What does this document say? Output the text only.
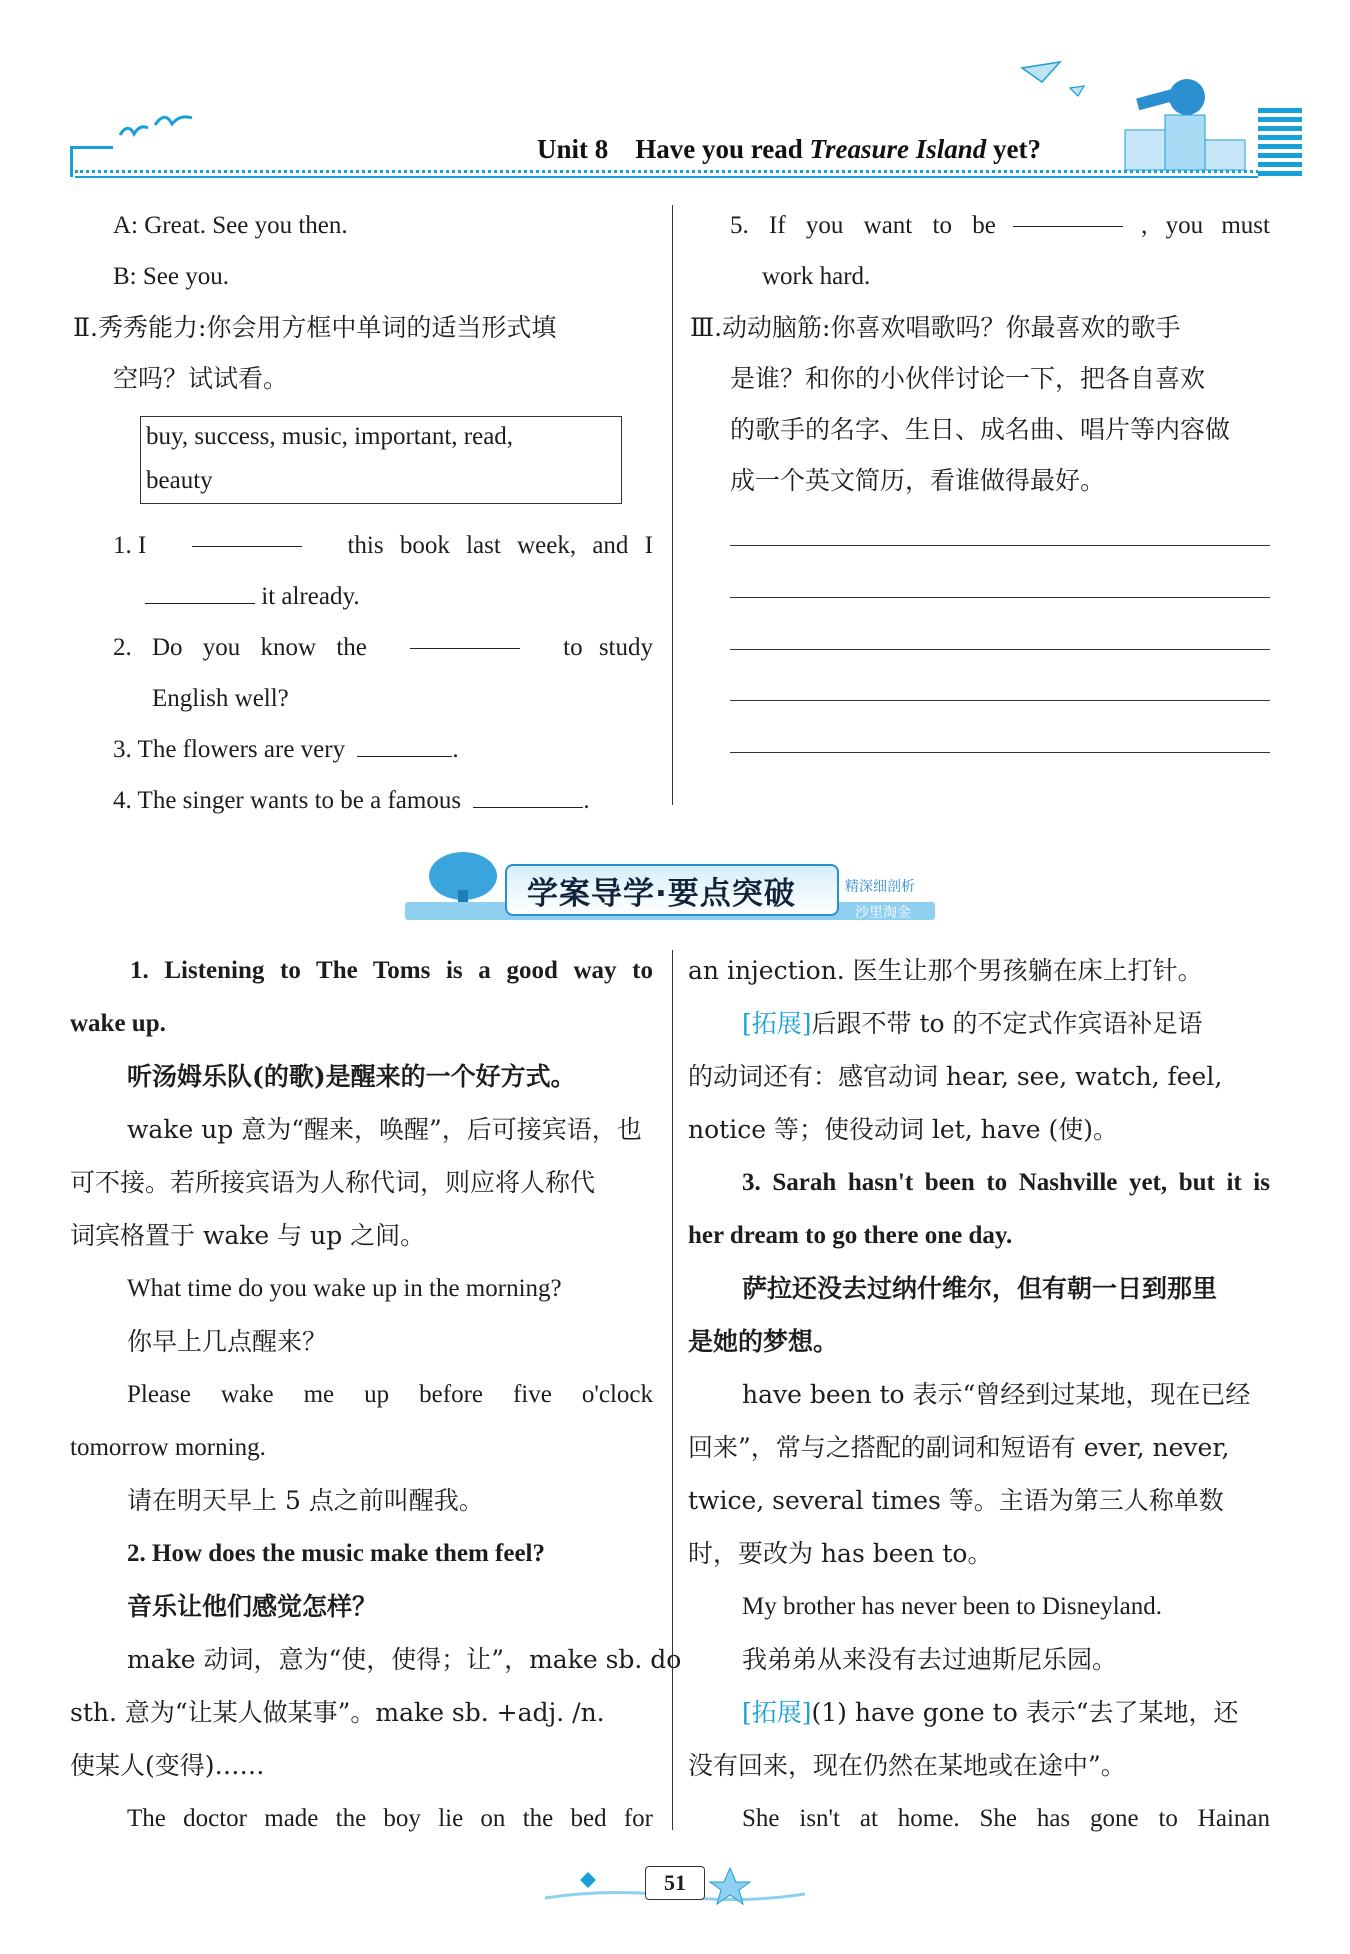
Unit 8 Have you read Treasure Island yet?
A: Great. See you then.
B: See you.
Ⅱ.秀秀能力:你会用方框中单词的适当形式填
空吗？试试看。
buy, success, music, important, read,
beauty
1. I	this book last week, and I
it already.
2. Do you know the	to study
English well?
3. The flowers are very	.
4. The singer wants to be a famous	.
5. If you want to be	, you must
work hard.
Ⅲ.动动脑筋:你喜欢唱歌吗？你最喜欢的歌手
是谁？和你的小伙伴讨论一下，把各自喜欢
的歌手的名字、生日、成名曲、唱片等内容做
成一个英文简历，看谁做得最好。
学案导学·要点突破	精深细剖析
沙里淘金
1. Listening to The Toms is a good way to
wake up.
听汤姆乐队(的歌)是醒来的一个好方式。
wake up 意为“醒来，唤醒”，后可接宾语，也
可不接。若所接宾语为人称代词，则应将人称代
词宾格置于 wake 与 up 之间。
What time do you wake up in the morning?
你早上几点醒来？
Please wake me up before five o'clock
tomorrow morning.
请在明天早上 5 点之前叫醒我。
2. How does the music make them feel?
音乐让他们感觉怎样？
make 动词，意为“使，使得；让”，make sb. do
sth. 意为“让某人做某事”。make sb. +adj. /n.
使某人(变得)……
The doctor made the boy lie on the bed for
an injection. 医生让那个男孩躺在床上打针。
[拓展]后跟不带 to 的不定式作宾语补足语
的动词还有：感官动词 hear, see, watch, feel,
notice 等；使役动词 let, have (使)。
3. Sarah hasn't been to Nashville yet, but it is
her dream to go there one day.
萨拉还没去过纳什维尔，但有朝一日到那里
是她的梦想。
have been to 表示“曾经到过某地，现在已经
回来”，常与之搭配的副词和短语有 ever, never,
twice, several times 等。主语为第三人称单数
时，要改为 has been to。
My brother has never been to Disneyland.
我弟弟从来没有去过迪斯尼乐园。
[拓展](1) have gone to 表示“去了某地，还
没有回来，现在仍然在某地或在途中”。
She isn't at home. She has gone to Hainan
51
